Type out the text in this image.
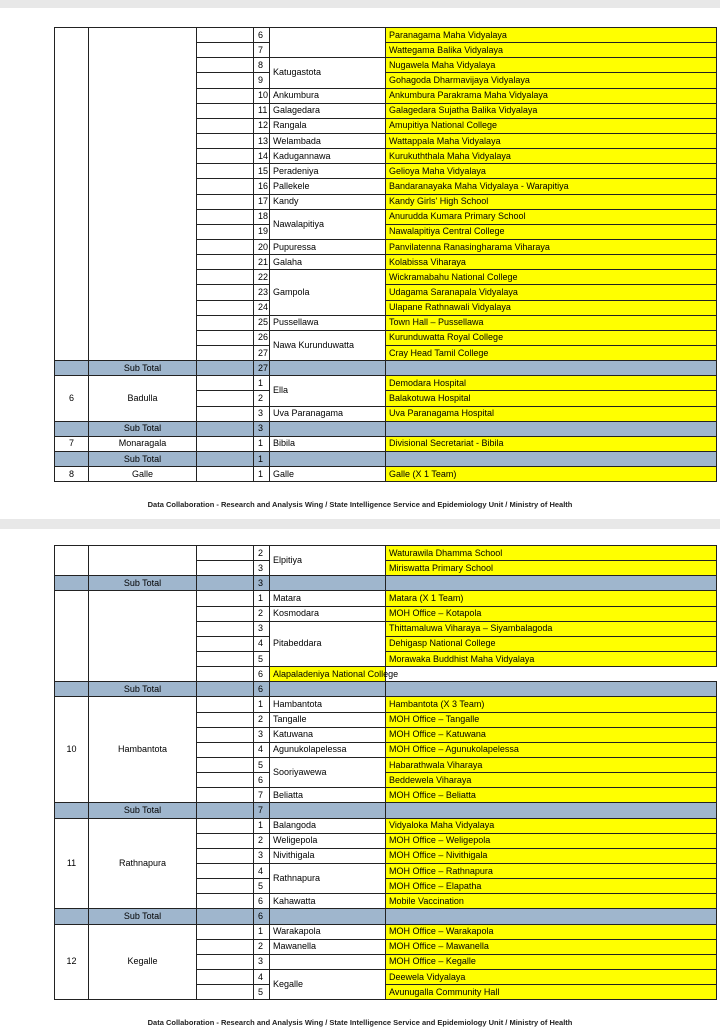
			6		Paranagama Maha Vidyalaya
			7		Wattegama Balika Vidyalaya
			8	Katugastota	Nugawela Maha Vidyalaya
			9		Gohagoda Dharmavijaya Vidyalaya
			10	Ankumbura	Ankumbura Parakrama Maha Vidyalaya
			11	Galagedara	Galagedara Sujatha Balika Vidyalaya
			12	Rangala	Amupitiya National College
			13	Welambada	Wattappala Maha Vidyalaya
			14	Kadugannawa	Kurukuththala Maha Vidyalaya
			15	Peradeniya	Gelioya Maha Vidyalaya
			16	Pallekele	Bandaranayaka Maha Vidyalaya - Warapitiya
			17	Kandy	Kandy Girls' High School
			18	Nawalapitiya	Anurudda Kumara Primary School
			19		Nawalapitiya Central College
			20	Pupuressa	Panvilatenna Ranasingharama Viharaya
			21	Galaha	Kolabissa Viharaya
			22	Gampola	Wickramabahu National College
			23		Udagama Saranapala Vidyalaya
			24		Ulapane Rathnawali Vidyalaya
			25	Pussellawa	Town Hall – Pussellawa
			26	Nawa Kurunduwatta	Kurunduwatta Royal College
			27		Cray Head Tamil College
	Sub Total		27		
6	Badulla		1	Ella	Demodara Hospital
			2		Balakotuwa Hospital
			3	Uva Paranagama	Uva Paranagama Hospital
	Sub Total		3		
7	Monaragala		1	Bibila	Divisional Secretariat - Bibila
	Sub Total		1		
8	Galle		1	Galle	Galle (X 1 Team)
Data Collaboration - Research and Analysis Wing / State Intelligence Service and Epidemiology Unit / Ministry of Health
			2	Elpitiya	Waturawila Dhamma School
			3		Miriswatta Primary School
	Sub Total		3		
			1	Matara	Matara (X 1 Team)
			2	Kosmodara	MOH Office – Kotapola
			3	Pitabeddara	Thittamaluwa Viharaya – Siyambalagoda
			4		Dehigasp National College
			5		Morawaka Buddhist Maha Vidyalaya
			6	Alapaladeniya National College	
	Sub Total		6		
10	Hambantota		1	Hambantota	Hambantota (X 3 Team)
			2	Tangalle	MOH Office – Tangalle
			3	Katuwana	MOH Office – Katuwana
			4	Agunukolapelessa	MOH Office – Agunukolapelessa
			5	Sooriyawewa	Habarathwala Viharaya
			6		Beddewela Viharaya
			7	Beliatta	MOH Office – Beliatta
	Sub Total		7		
11	Rathnapura		1	Balangoda	Vidyaloka Maha Vidyalaya
			2	Weligepola	MOH Office – Weligepola
			3	Nivithigala	MOH Office – Nivithigala
			4	Rathnapura	MOH Office – Rathnapura
			5		MOH Office – Elapatha
			6	Kahawatta	Mobile Vaccination
	Sub Total		6		
12	Kegalle		1	Warakapola	MOH Office – Warakapola
			2	Mawanella	MOH Office – Mawanella
			3		MOH Office – Kegalle
			4	Kegalle	Deewela Vidyalaya
			5		Avunugalla Community Hall
Data Collaboration - Research and Analysis Wing / State Intelligence Service and Epidemiology Unit / Ministry of Health
